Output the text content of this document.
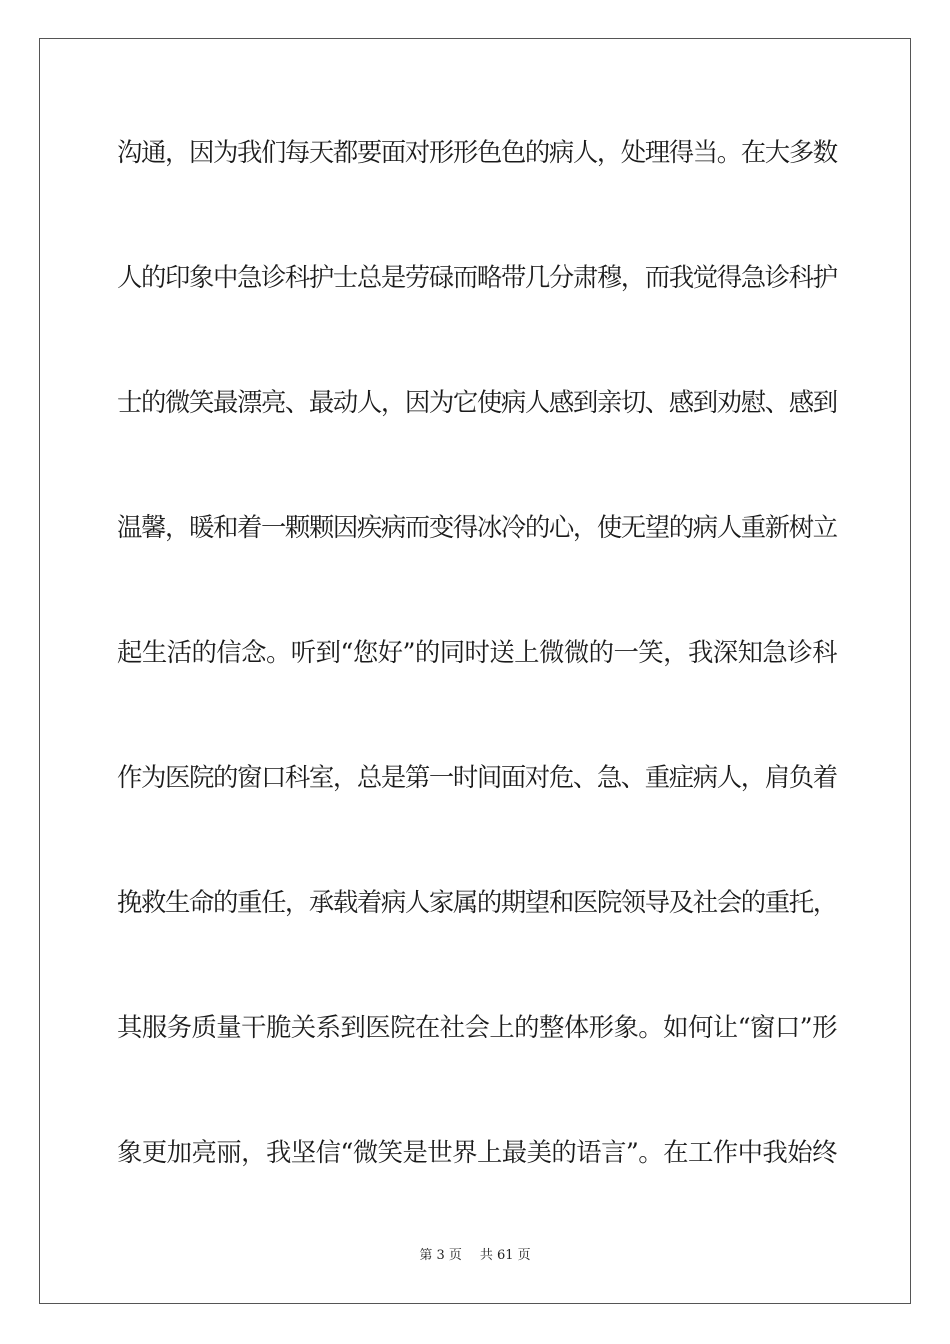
沟通，因为我们每天都要面对形形色色的病人，处理得当。在大多数
人的印象中急诊科护士总是劳碌而略带几分肃穆，而我觉得急诊科护
士的微笑最漂亮、最动人，因为它使病人感到亲切、感到劝慰、感到
温馨，暖和着一颗颗因疾病而变得冰冷的心，使无望的病人重新树立
起生活的信念。听到“您好”的同时送上微微的一笑，我深知急诊科
作为医院的窗口科室，总是第一时间面对危、急、重症病人，肩负着
挽救生命的重任，承载着病人家属的期望和医院领导及社会的重托，
其服务质量干脆关系到医院在社会上的整体形象。如何让“窗口”形
象更加亮丽，我坚信“微笑是世界上最美的语言”。在工作中我始终
第 3 页 共 61 页
